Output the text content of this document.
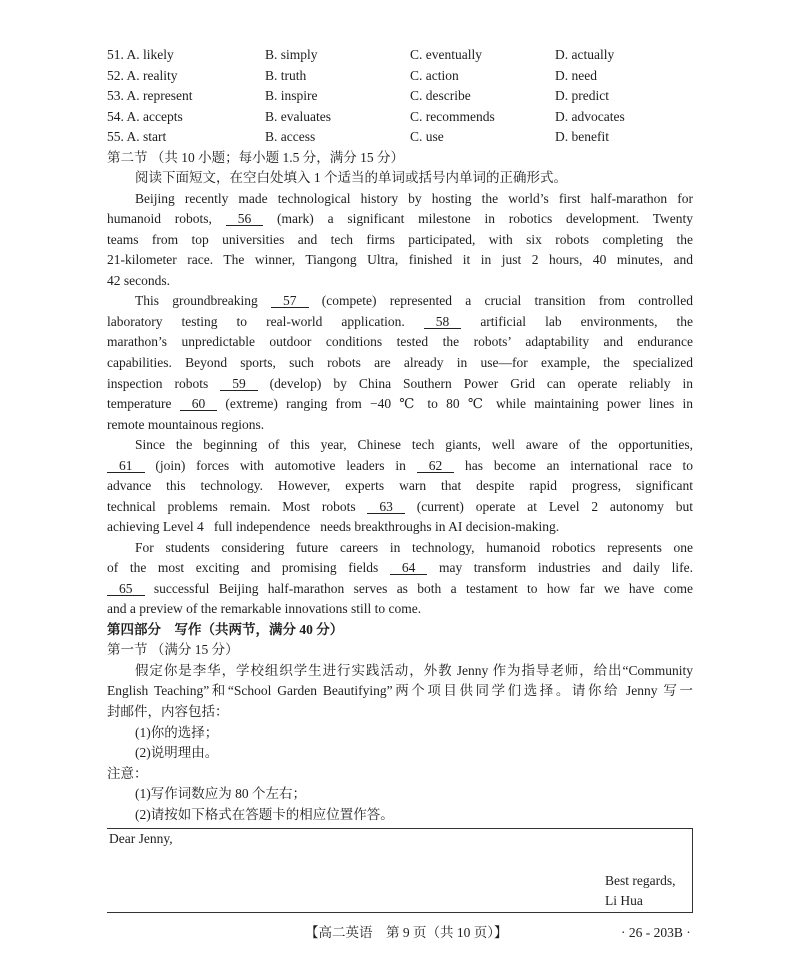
51. A. likely	B. simply	C. eventually	D. actually
52. A. reality	B. truth	C. action	D. need
53. A. represent	B. inspire	C. describe	D. predict
54. A. accepts	B. evaluates	C. recommends	D. advocates
55. A. start	B. access	C. use	D. benefit
第二节 （共 10 小题；每小题 1.5 分，满分 15 分）
阅读下面短文，在空白处填入 1 个适当的单词或括号内单词的正确形式。
Beijing recently made technological history by hosting the world’s first half-marathon for
humanoid robots, 56 (mark) a significant milestone in robotics development. Twenty
teams from top universities and tech firms participated, with six robots completing the
21-kilometer race. The winner, Tiangong Ultra, finished it in just 2 hours, 40 minutes, and
42 seconds.
This groundbreaking 57 (compete) represented a crucial transition from controlled
laboratory testing to real-world application. 58 artificial lab environments, the
marathon’s unpredictable outdoor conditions tested the robots’ adaptability and endurance
capabilities. Beyond sports, such robots are already in use—for example, the specialized
inspection robots 59 (develop) by China Southern Power Grid can operate reliably in
temperature 60 (extreme) ranging from −40 ℃ to 80 ℃ while maintaining power lines in
remote mountainous regions.
Since the beginning of this year, Chinese tech giants, well aware of the opportunities,
61 (join) forces with automotive leaders in 62 has become an international race to
advance this technology. However, experts warn that despite rapid progress, significant
technical problems remain. Most robots 63 (current) operate at Level 2 autonomy but
achieving Level 4   full independence   needs breakthroughs in AI decision-making.
For students considering future careers in technology, humanoid robotics represents one
of the most exciting and promising fields 64 may transform industries and daily life.
65 successful Beijing half-marathon serves as both a testament to how far we have come
and a preview of the remarkable innovations still to come.
第四部分　写作（共两节，满分 40 分）
第一节 （满分 15 分）
假定你是李华，学校组织学生进行实践活动，外教 Jenny 作为指导老师，给出“Community
English Teaching”和“School Garden Beautifying”两个项目供同学们选择。请你给 Jenny 写一
封邮件，内容包括：
(1)你的选择；
(2)说明理由。
注意：
(1)写作词数应为 80 个左右；
(2)请按如下格式在答题卡的相应位置作答。
Dear Jenny,
Best regards,
Li Hua
【高二英语　第 9 页（共 10 页）】	· 26 - 203B ·
